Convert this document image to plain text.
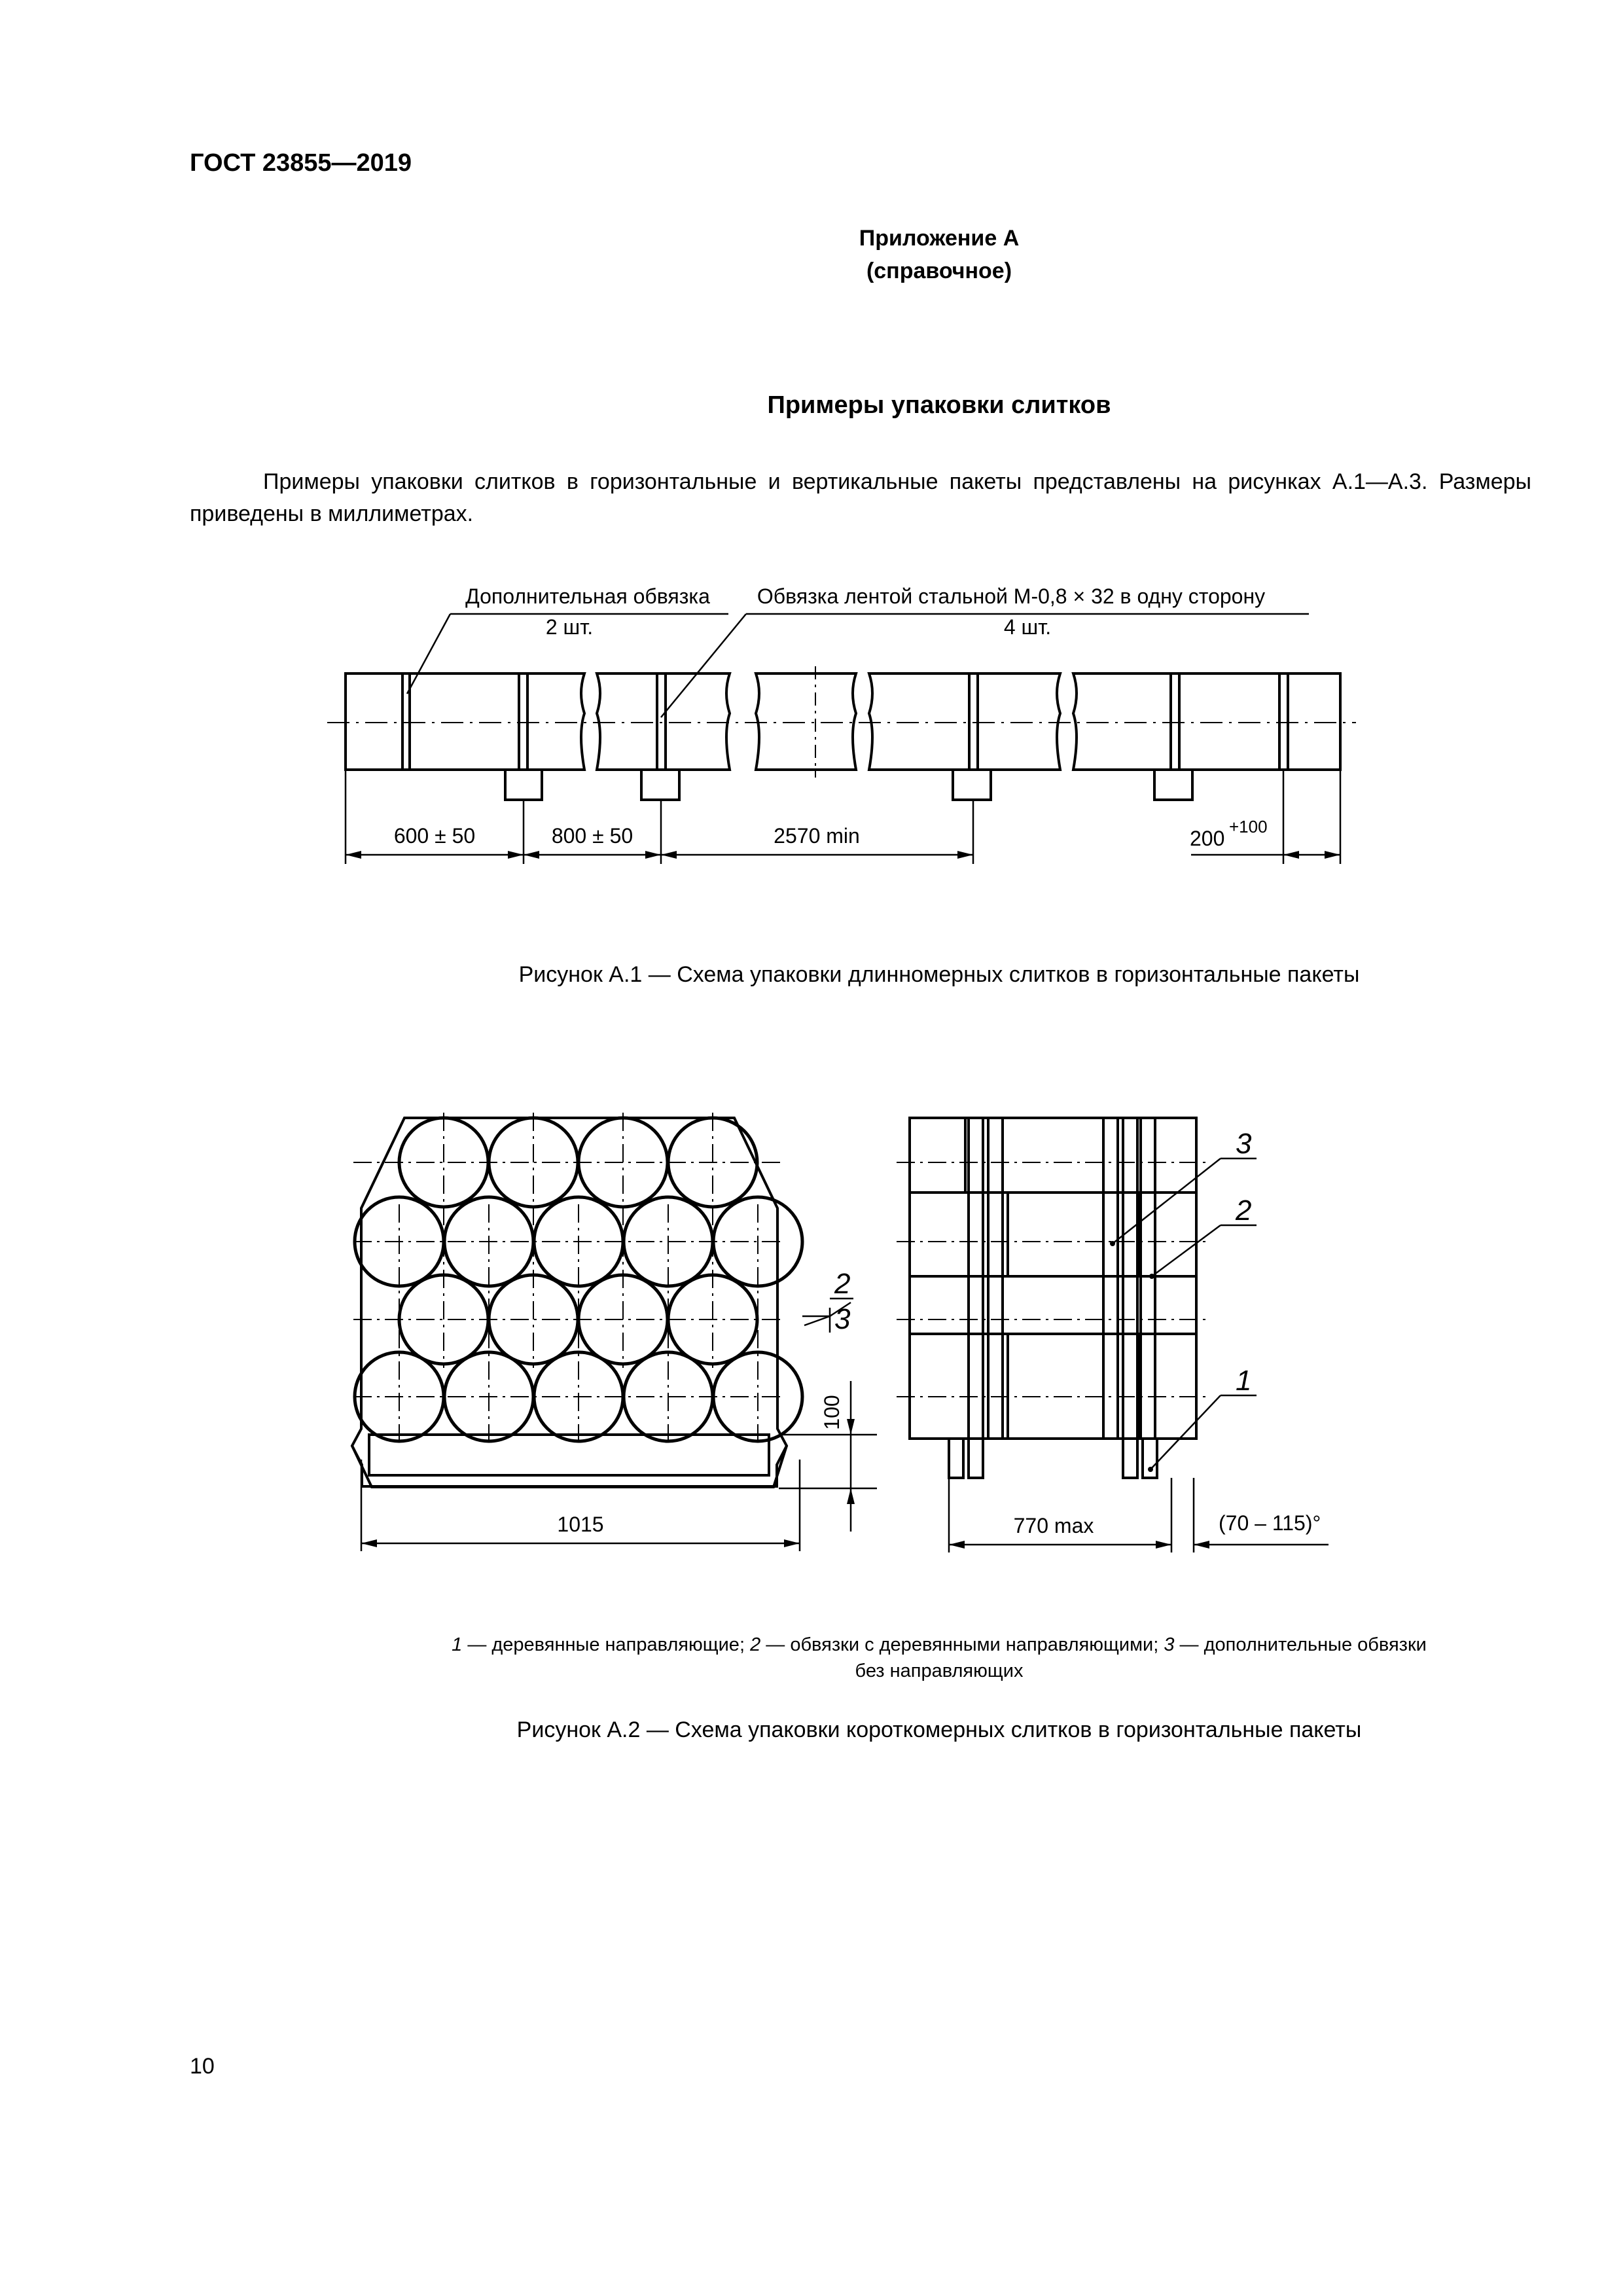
ГОСТ 23855—2019
Приложение А
(справочное)
Примеры упаковки слитков
Примеры упаковки слитков в горизонтальные и вертикальные пакеты представлены на рисунках А.1—А.3. Размеры приведены в миллиметрах.
Дополнительная обвязка
2 шт.
Обвязка лентой стальной М-0,8 × 32 в одну сторону
4 шт.
600 ± 50	800 ± 50	2570 min	200 +100
Рисунок А.1 — Схема упаковки длинномерных слитков в горизонтальные пакеты
1015
100
2
3
3
2
1
770 max	(70 – 115)°
1 — деревянные направляющие; 2 — обвязки с деревянными направляющими; 3 — дополнительные обвязки
без направляющих
Рисунок А.2 — Схема упаковки короткомерных слитков в горизонтальные пакеты
10
